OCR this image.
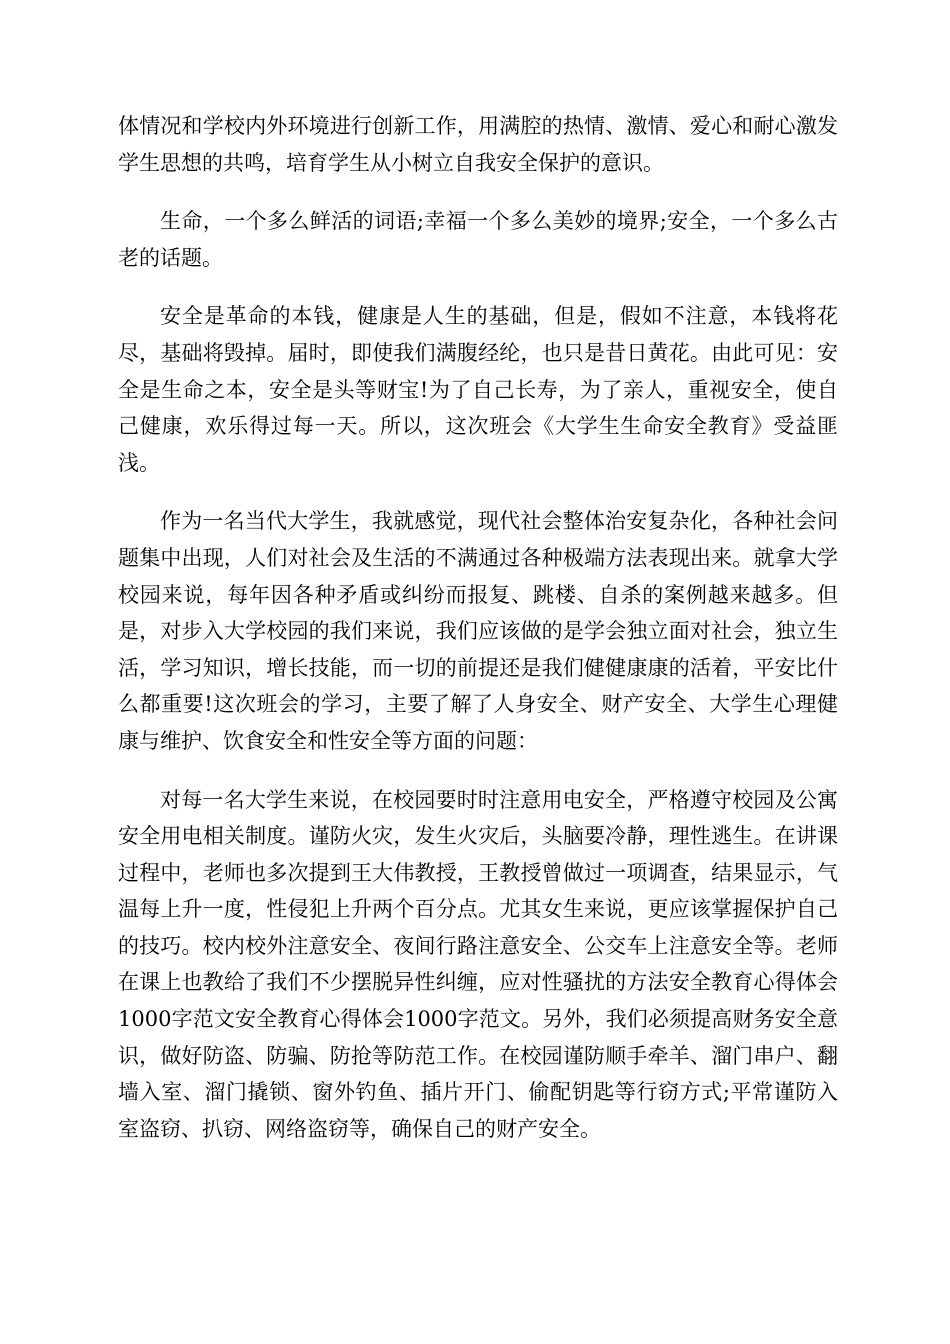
体情况和学校内外环境进行创新工作，用满腔的热情、激情、爱心和耐心激发学生思想的共鸣，培育学生从小树立自我安全保护的意识。

生命，一个多么鲜活的词语;幸福一个多么美妙的境界;安全，一个多么古老的话题。

安全是革命的本钱，健康是人生的基础，但是，假如不注意，本钱将花尽，基础将毁掉。届时，即使我们满腹经纶，也只是昔日黄花。由此可见：安全是生命之本，安全是头等财宝!为了自己长寿，为了亲人，重视安全，使自己健康，欢乐得过每一天。所以，这次班会《大学生生命安全教育》受益匪浅。

作为一名当代大学生，我就感觉，现代社会整体治安复杂化，各种社会问题集中出现，人们对社会及生活的不满通过各种极端方法表现出来。就拿大学校园来说，每年因各种矛盾或纠纷而报复、跳楼、自杀的案例越来越多。但是，对步入大学校园的我们来说，我们应该做的是学会独立面对社会，独立生活，学习知识，增长技能，而一切的前提还是我们健健康康的活着，平安比什么都重要!这次班会的学习，主要了解了人身安全、财产安全、大学生心理健康与维护、饮食安全和性安全等方面的问题：

对每一名大学生来说，在校园要时时注意用电安全，严格遵守校园及公寓安全用电相关制度。谨防火灾，发生火灾后，头脑要冷静，理性逃生。在讲课过程中，老师也多次提到王大伟教授，王教授曾做过一项调查，结果显示，气温每上升一度，性侵犯上升两个百分点。尤其女生来说，更应该掌握保护自己的技巧。校内校外注意安全、夜间行路注意安全、公交车上注意安全等。老师在课上也教给了我们不少摆脱异性纠缠，应对性骚扰的方法安全教育心得体会1000字范文安全教育心得体会1000字范文。另外，我们必须提高财务安全意识，做好防盗、防骗、防抢等防范工作。在校园谨防顺手牵羊、溜门串户、翻墙入室、溜门撬锁、窗外钓鱼、插片开门、偷配钥匙等行窃方式;平常谨防入室盗窃、扒窃、网络盗窃等，确保自己的财产安全。
